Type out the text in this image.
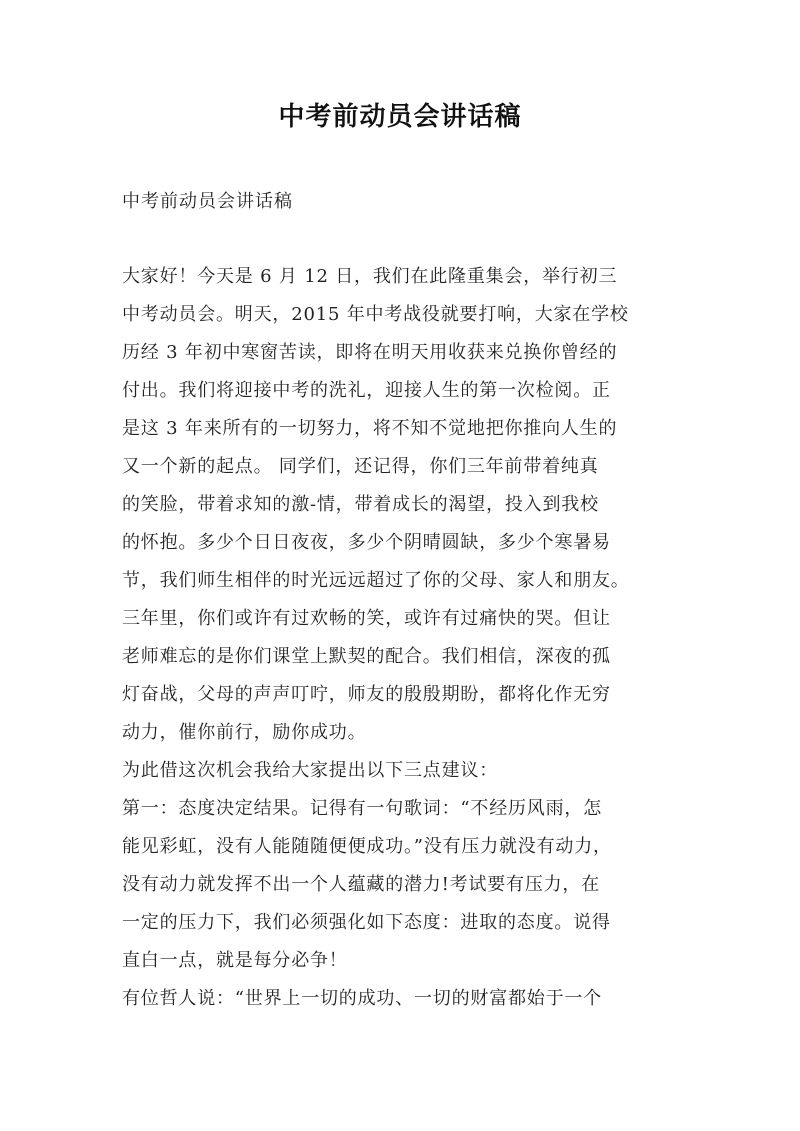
中考前动员会讲话稿
中考前动员会讲话稿
大家好！今天是 6 月 12 日，我们在此隆重集会，举行初三
中考动员会。明天，2015 年中考战役就要打响，大家在学校
历经 3 年初中寒窗苦读，即将在明天用收获来兑换你曾经的
付出。我们将迎接中考的洗礼，迎接人生的第一次检阅。正
是这 3 年来所有的一切努力，将不知不觉地把你推向人生的
又一个新的起点。 同学们，还记得，你们三年前带着纯真
的笑脸，带着求知的激-情，带着成长的渴望，投入到我校
的怀抱。多少个日日夜夜，多少个阴晴圆缺，多少个寒暑易
节，我们师生相伴的时光远远超过了你的父母、家人和朋友。
三年里，你们或许有过欢畅的笑，或许有过痛快的哭。但让
老师难忘的是你们课堂上默契的配合。我们相信，深夜的孤
灯奋战，父母的声声叮咛，师友的殷殷期盼，都将化作无穷
动力，催你前行，励你成功。
为此借这次机会我给大家提出以下三点建议：
第一：态度决定结果。记得有一句歌词：“不经历风雨，怎
能见彩虹，没有人能随随便便成功。”没有压力就没有动力，
没有动力就发挥不出一个人蕴藏的潜力!考试要有压力，在
一定的压力下，我们必须强化如下态度：进取的态度。说得
直白一点，就是每分必争！
有位哲人说：“世界上一切的成功、一切的财富都始于一个
